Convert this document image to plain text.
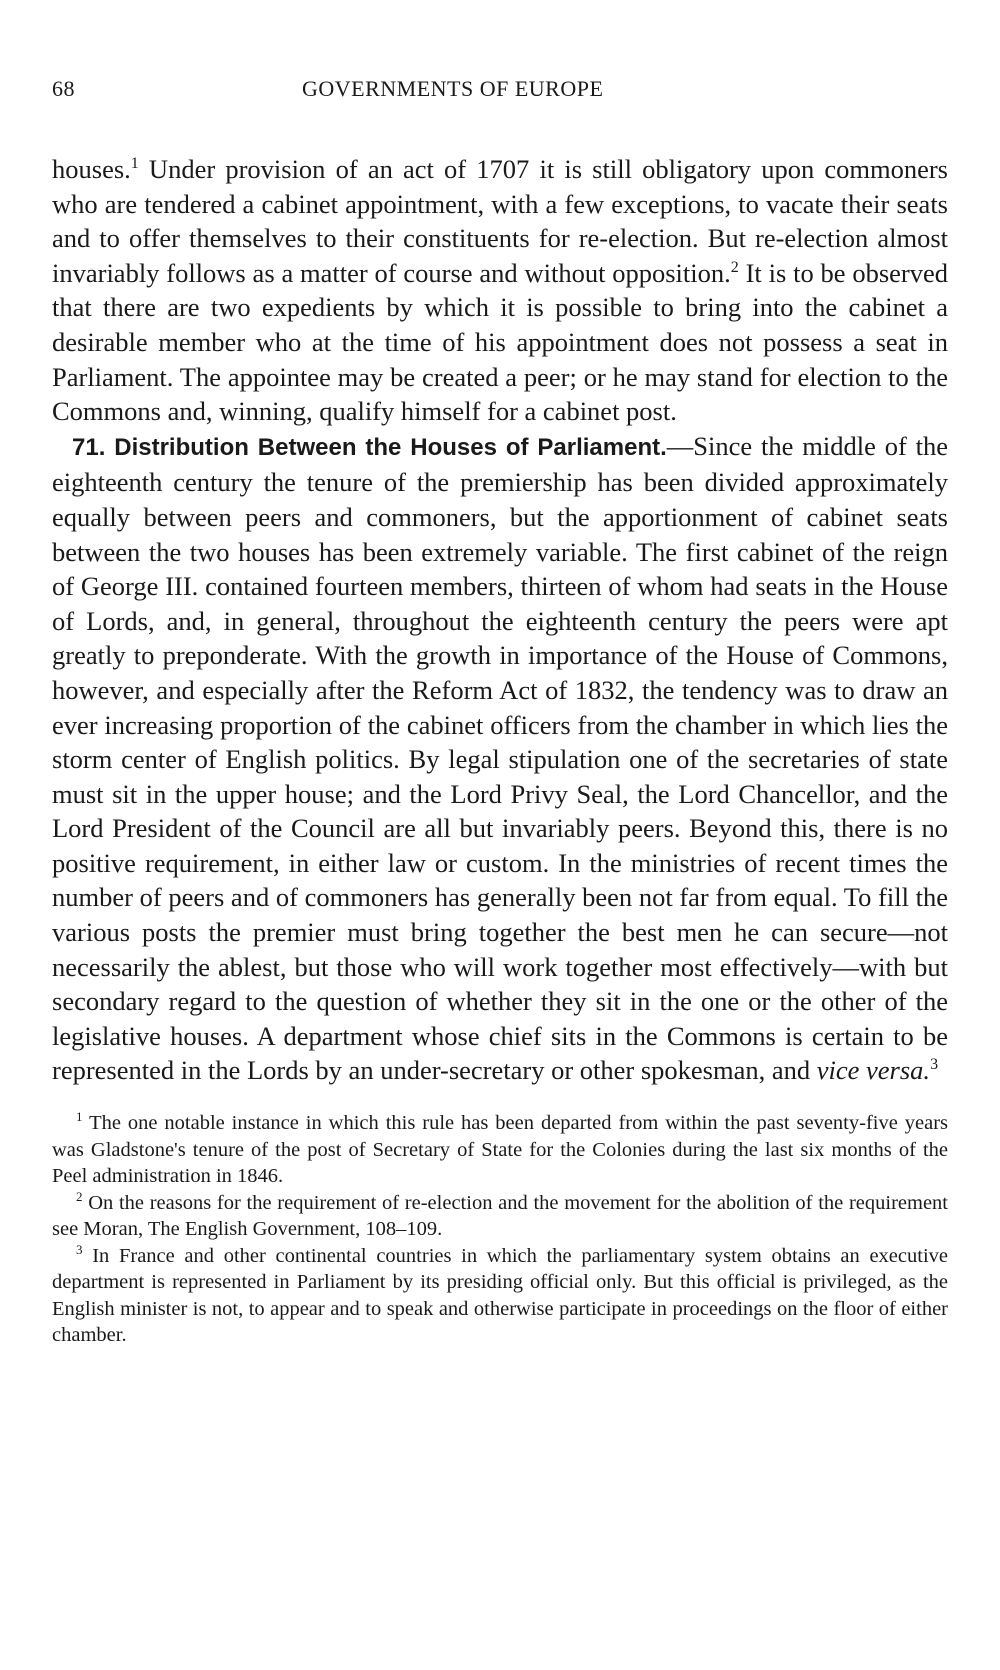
68	GOVERNMENTS OF EUROPE

houses.$^1$ Under provision of an act of 1707 it is still obligatory upon commoners who are tendered a cabinet appointment, with a few exceptions, to vacate their seats and to offer themselves to their constituents for re-election. But re-election almost invariably follows as a matter of course and without opposition.$^2$ It is to be observed that there are two expedients by which it is possible to bring into the cabinet a desirable member who at the time of his appointment does not possess a seat in Parliament. The appointee may be created a peer; or he may stand for election to the Commons and, winning, qualify himself for a cabinet post.

71. Distribution Between the Houses of Parliament.—Since the middle of the eighteenth century the tenure of the premiership has been divided approximately equally between peers and commoners, but the apportionment of cabinet seats between the two houses has been extremely variable. The first cabinet of the reign of George III. contained fourteen members, thirteen of whom had seats in the House of Lords, and, in general, throughout the eighteenth century the peers were apt greatly to preponderate. With the growth in importance of the House of Commons, however, and especially after the Reform Act of 1832, the tendency was to draw an ever increasing proportion of the cabinet officers from the chamber in which lies the storm center of English politics. By legal stipulation one of the secretaries of state must sit in the upper house; and the Lord Privy Seal, the Lord Chancellor, and the Lord President of the Council are all but invariably peers. Beyond this, there is no positive requirement, in either law or custom. In the ministries of recent times the number of peers and of commoners has generally been not far from equal. To fill the various posts the premier must bring together the best men he can secure—not necessarily the ablest, but those who will work together most effectively—with but secondary regard to the question of whether they sit in the one or the other of the legislative houses. A department whose chief sits in the Commons is certain to be represented in the Lords by an under-secretary or other spokesman, and vice versa.$^3$

$^1$ The one notable instance in which this rule has been departed from within the past seventy-five years was Gladstone's tenure of the post of Secretary of State for the Colonies during the last six months of the Peel administration in 1846.

$^2$ On the reasons for the requirement of re-election and the movement for the abolition of the requirement see Moran, The English Government, 108–109.

$^3$ In France and other continental countries in which the parliamentary system obtains an executive department is represented in Parliament by its presiding official only. But this official is privileged, as the English minister is not, to appear and to speak and otherwise participate in proceedings on the floor of either chamber.
